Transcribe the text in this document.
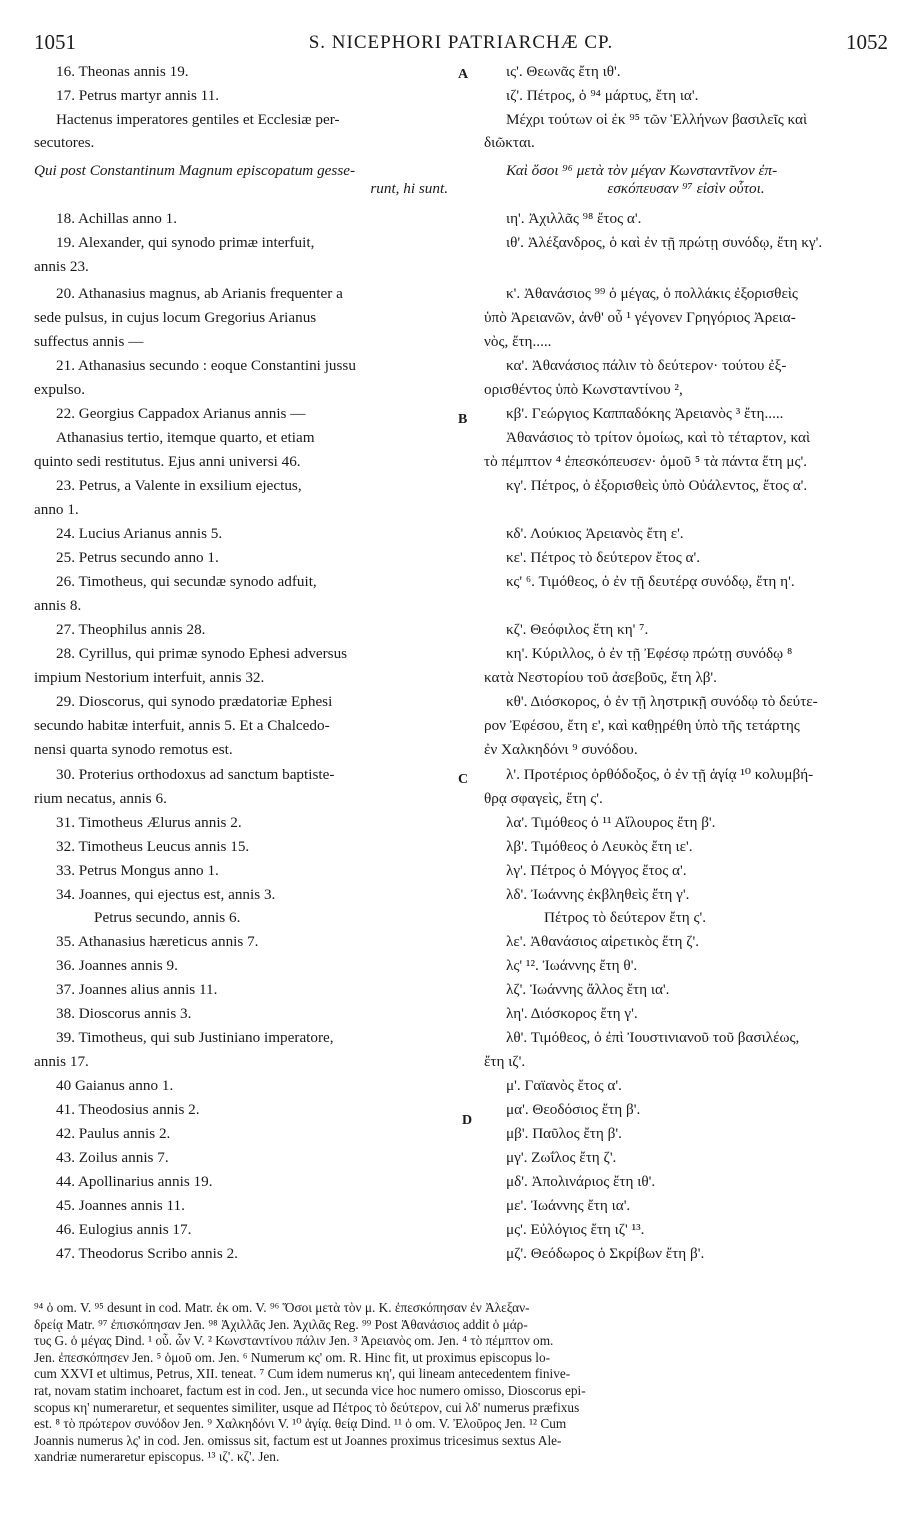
1051	S. NICEPHORI PATRIARCHÆ CP.	1052
A
B
C
D
16. Theonas annis 19.
17. Petrus martyr annis 11.
Hactenus imperatores gentiles et Ecclesiæ per-
secutores.
Qui post Constantinum Magnum episcopatum gesse-
runt, hi sunt.
18. Achillas anno 1.
19. Alexander, qui synodo primæ interfuit,
annis 23.
20. Athanasius magnus, ab Arianis frequenter a
sede pulsus, in cujus locum Gregorius Arianus
suffectus annis —
21. Athanasius secundo : eoque Constantini jussu
expulso.
22. Georgius Cappadox Arianus annis —
Athanasius tertio, itemque quarto, et etiam
quinto sedi restitutus. Ejus anni universi 46.
23. Petrus, a Valente in exsilium ejectus,
anno 1.
24. Lucius Arianus annis 5.
25. Petrus secundo anno 1.
26. Timotheus, qui secundæ synodo adfuit,
annis 8.
27. Theophilus annis 28.
28. Cyrillus, qui primæ synodo Ephesi adversus
impium Nestorium interfuit, annis 32.
29. Dioscorus, qui synodo prædatoriæ Ephesi
secundo habitæ interfuit, annis 5. Et a Chalcedo-
nensi quarta synodo remotus est.
30. Proterius orthodoxus ad sanctum baptiste-
rium necatus, annis 6.
31. Timotheus Ælurus annis 2.
32. Timotheus Leucus annis 15.
33. Petrus Mongus anno 1.
34. Joannes, qui ejectus est, annis 3.
Petrus secundo, annis 6.
35. Athanasius hæreticus annis 7.
36. Joannes annis 9.
37. Joannes alius annis 11.
38. Dioscorus annis 3.
39. Timotheus, qui sub Justiniano imperatore,
annis 17.
40 Gaianus anno 1.
41. Theodosius annis 2.
42. Paulus annis 2.
43. Zoilus annis 7.
44. Apollinarius annis 19.
45. Joannes annis 11.
46. Eulogius annis 17.
47. Theodorus Scribo annis 2.
ις'. Θεωνᾶς ἔτη ιθ'.
ιζ'. Πέτρος, ὁ ⁹⁴ μάρτυς, ἔτη ια'.
Μέχρι τούτων οἱ ἐκ ⁹⁵ τῶν Ἑλλήνων βασιλεῖς καὶ
διῶκται.
Καὶ ὅσοι ⁹⁶ μετὰ τὸν μέγαν Κωνσταντῖνον ἐπ-
εσκόπευσαν ⁹⁷ εἰσὶν οὗτοι.
ιη'. Ἀχιλλᾶς ⁹⁸ ἔτος α'.
ιθ'. Ἀλέξανδρος, ὁ καὶ ἐν τῇ πρώτῃ συνόδῳ, ἔτη κγ'.
κ'. Ἀθανάσιος ⁹⁹ ὁ μέγας, ὁ πολλάκις ἐξορισθεὶς
ὑπὸ Ἀρειανῶν, ἀνθ' οὗ ¹ γέγονεν Γρηγόριος Ἀρεια-
νὸς, ἔτη.....
κα'. Ἀθανάσιος πάλιν τὸ δεύτερον· τούτου ἐξ-
ορισθέντος ὑπὸ Κωνσταντίνου ²,
κβ'. Γεώργιος Καππαδόκης Ἀρειανὸς ³ ἔτη.....
Ἀθανάσιος τὸ τρίτον ὁμοίως, καὶ τὸ τέταρτον, καὶ
τὸ πέμπτον ⁴ ἐπεσκόπευσεν· ὁμοῦ ⁵ τὰ πάντα ἔτη μς'.
κγ'. Πέτρος, ὁ ἐξορισθεὶς ὑπὸ Οὐάλεντος, ἔτος α'.
κδ'. Λούκιος Ἀρειανὸς ἔτη ε'.
κε'. Πέτρος τὸ δεύτερον ἔτος α'.
κς' ⁶. Τιμόθεος, ὁ ἐν τῇ δευτέρᾳ συνόδῳ, ἔτη η'.
κζ'. Θεόφιλος ἔτη κη' ⁷.
κη'. Κύριλλος, ὁ ἐν τῇ Ἐφέσῳ πρώτῃ συνόδῳ ⁸
κατὰ Νεστορίου τοῦ ἀσεβοῦς, ἔτη λβ'.
κθ'. Διόσκορος, ὁ ἐν τῇ ληστρικῇ συνόδῳ τὸ δεύτε-
ρον Ἐφέσου, ἔτη ε', καὶ καθῃρέθη ὑπὸ τῆς τετάρτης
ἐν Χαλκηδόνι ⁹ συνόδου.
λ'. Προτέριος ὀρθόδοξος, ὁ ἐν τῇ ἁγίᾳ ¹⁰ κολυμβή-
θρᾳ σφαγεὶς, ἔτη ς'.
λα'. Τιμόθεος ὁ ¹¹ Αἴλουρος ἔτη β'.
λβ'. Τιμόθεος ὁ Λευκὸς ἔτη ιε'.
λγ'. Πέτρος ὁ Μόγγος ἔτος α'.
λδ'. Ἰωάννης ἐκβληθεὶς ἔτη γ'.
Πέτρος τὸ δεύτερον ἔτη ς'.
λε'. Ἀθανάσιος αἱρετικὸς ἔτη ζ'.
λς' ¹². Ἰωάννης ἔτη θ'.
λζ'. Ἰωάννης ἄλλος ἔτη ια'.
λη'. Διόσκορος ἔτη γ'.
λθ'. Τιμόθεος, ὁ ἐπὶ Ἰουστινιανοῦ τοῦ βασιλέως,
ἔτη ιζ'.
μ'. Γαϊανὸς ἔτος α'.
μα'. Θεοδόσιος ἔτη β'.
μβ'. Παῦλος ἔτη β'.
μγ'. Ζωΐλος ἔτη ζ'.
μδ'. Ἀπολινάριος ἔτη ιθ'.
με'. Ἰωάννης ἔτη ια'.
μς'. Εὐλόγιος ἔτη ιζ' ¹³.
μζ'. Θεόδωρος ὁ Σκρίβων ἔτη β'.
⁹⁴ ὁ om. V. ⁹⁵ desunt in cod. Matr. ἐκ om. V. ⁹⁶ Ὅσοι μετὰ τὸν μ. Κ. ἐπεσκόπησαν ἐν Ἀλεξαν-
δρείᾳ Matr. ⁹⁷ ἐπισκόπησαν Jen. ⁹⁸ Ἀχιλλᾶς Jen. Ἀχιλᾶς Reg. ⁹⁹ Post Ἀθανάσιος addit ὁ μάρ-
τυς G. ὁ μέγας Dind. ¹ οὗ. ὧν V. ² Κωνσταντίνου πάλιν Jen. ³ Ἀρειανὸς om. Jen. ⁴ τὸ πέμπτον om.
Jen. ἐπεσκόπησεν Jen. ⁵ ὁμοῦ om. Jen. ⁶ Numerum κς' om. R. Hinc fit, ut proximus episcopus lo-
cum XXVI et ultimus, Petrus, XII. teneat. ⁷ Cum idem numerus κη', qui lineam antecedentem finive-
rat, novam statim inchoaret, factum est in cod. Jen., ut secunda vice hoc numero omisso, Dioscorus epi-
scopus κη' numeraretur, et sequentes similiter, usque ad Πέτρος τὸ δεύτερον, cui λδ' numerus præfixus
est. ⁸ τὸ πρώτερον συνόδον Jen. ⁹ Χαλκηδόνι V. ¹⁰ ἁγίᾳ. θείᾳ Dind. ¹¹ ὁ om. V. Ἐλοῦρος Jen. ¹² Cum
Joannis numerus λς' in cod. Jen. omissus sit, factum est ut Joannes proximus tricesimus sextus Ale-
xandriæ numeraretur episcopus. ¹³ ιζ'. κζ'. Jen.
